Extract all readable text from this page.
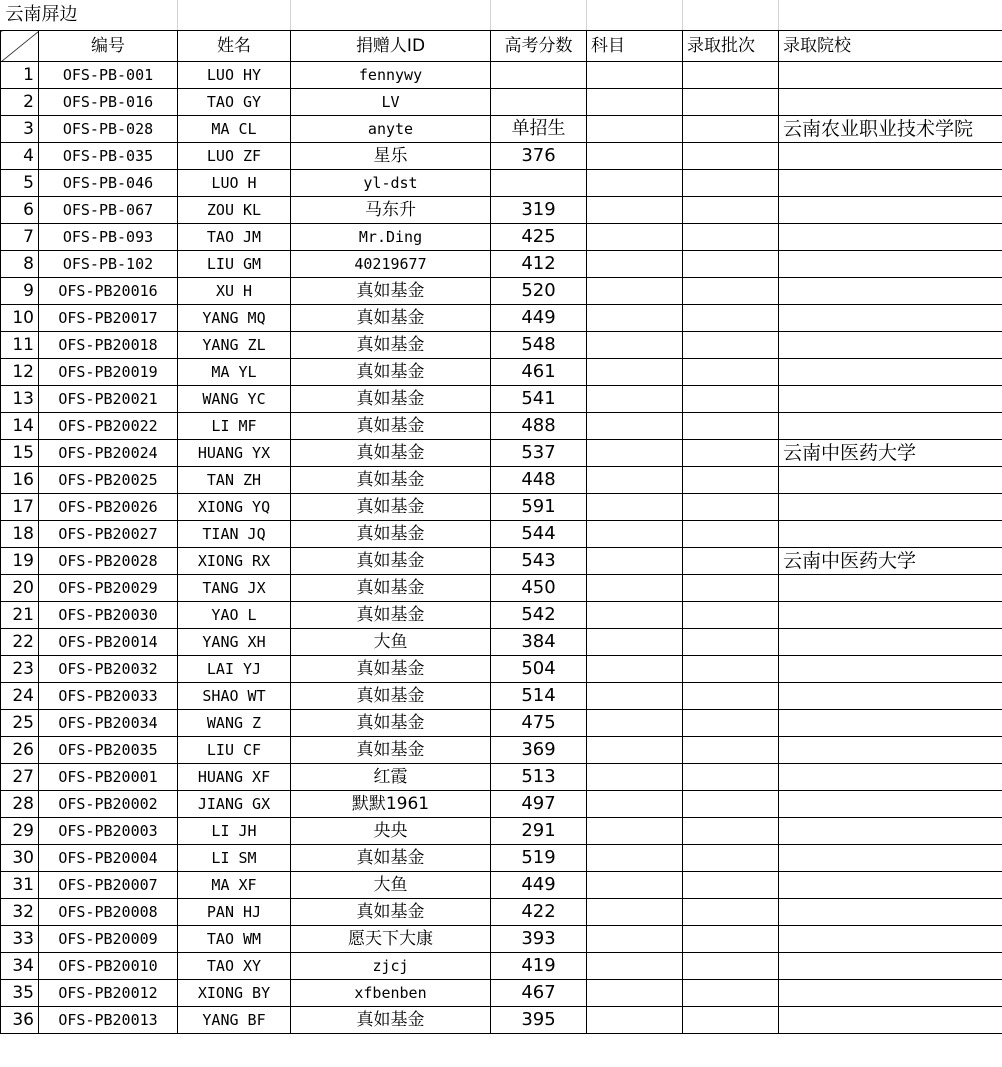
云南屏边							
	编号	姓名	捐赠人ID	高考分数	科目	录取批次	录取院校
1	OFS-PB-001	LUO HY	fennywy				
2	OFS-PB-016	TAO GY	LV				
3	OFS-PB-028	MA CL	anyte	单招生			云南农业职业技术学院
4	OFS-PB-035	LUO ZF	星乐	376			
5	OFS-PB-046	LUO H	yl-dst				
6	OFS-PB-067	ZOU KL	马东升	319			
7	OFS-PB-093	TAO JM	Mr.Ding	425			
8	OFS-PB-102	LIU GM	40219677	412			
9	OFS-PB20016	XU H	真如基金	520			
10	OFS-PB20017	YANG MQ	真如基金	449			
11	OFS-PB20018	YANG ZL	真如基金	548			
12	OFS-PB20019	MA YL	真如基金	461			
13	OFS-PB20021	WANG YC	真如基金	541			
14	OFS-PB20022	LI MF	真如基金	488			
15	OFS-PB20024	HUANG YX	真如基金	537			云南中医药大学
16	OFS-PB20025	TAN ZH	真如基金	448			
17	OFS-PB20026	XIONG YQ	真如基金	591			
18	OFS-PB20027	TIAN JQ	真如基金	544			
19	OFS-PB20028	XIONG RX	真如基金	543			云南中医药大学
20	OFS-PB20029	TANG JX	真如基金	450			
21	OFS-PB20030	YAO L	真如基金	542			
22	OFS-PB20014	YANG XH	大鱼	384			
23	OFS-PB20032	LAI YJ	真如基金	504			
24	OFS-PB20033	SHAO WT	真如基金	514			
25	OFS-PB20034	WANG Z	真如基金	475			
26	OFS-PB20035	LIU CF	真如基金	369			
27	OFS-PB20001	HUANG XF	红霞	513			
28	OFS-PB20002	JIANG GX	默默1961	497			
29	OFS-PB20003	LI JH	央央	291			
30	OFS-PB20004	LI SM	真如基金	519			
31	OFS-PB20007	MA XF	大鱼	449			
32	OFS-PB20008	PAN HJ	真如基金	422			
33	OFS-PB20009	TAO WM	愿天下大康	393			
34	OFS-PB20010	TAO XY	zjcj	419			
35	OFS-PB20012	XIONG BY	xfbenben	467			
36	OFS-PB20013	YANG BF	真如基金	395			
